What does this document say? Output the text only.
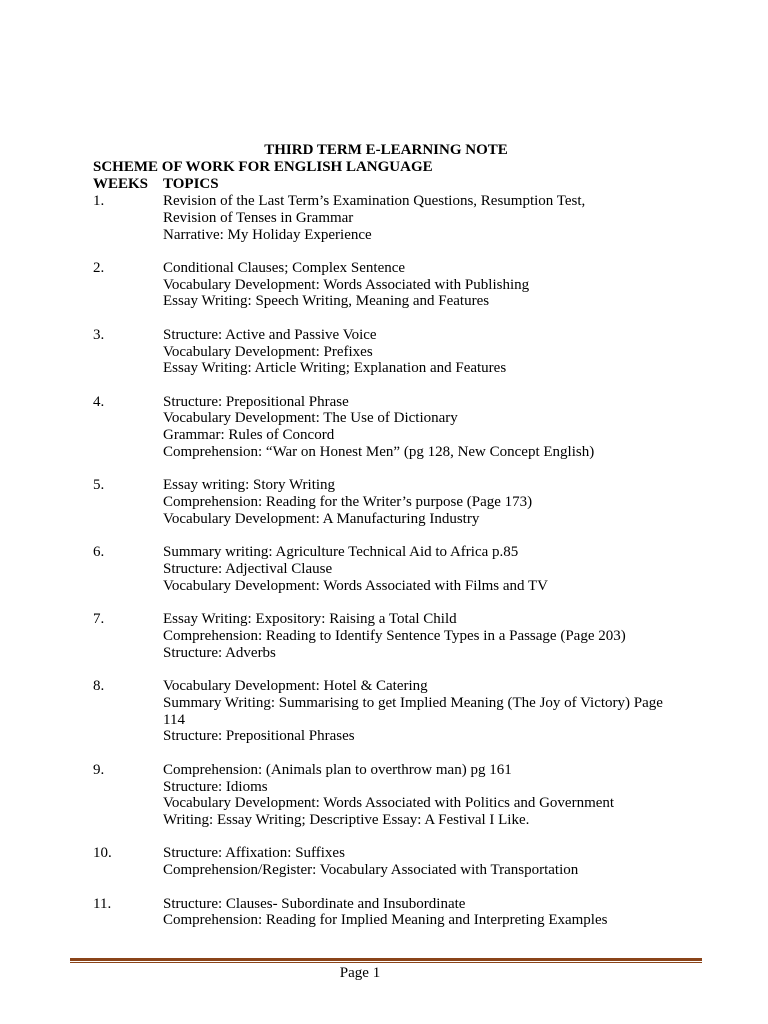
THIRD TERM E-LEARNING NOTE
SCHEME OF WORK FOR ENGLISH LANGUAGE
WEEKS TOPICS
1.	Revision of the Last Term’s Examination Questions, Resumption Test,
Revision of Tenses in Grammar
Narrative: My Holiday Experience
2.	Conditional Clauses; Complex Sentence
Vocabulary Development: Words Associated with Publishing
Essay Writing: Speech Writing, Meaning and Features
3.	Structure: Active and Passive Voice
Vocabulary Development: Prefixes
Essay Writing: Article Writing; Explanation and Features
4.	Structure: Prepositional Phrase
Vocabulary Development: The Use of Dictionary
Grammar: Rules of Concord
Comprehension: “War on Honest Men” (pg 128, New Concept English)
5.	Essay writing: Story Writing
Comprehension: Reading for the Writer’s purpose (Page 173)
Vocabulary Development: A Manufacturing Industry
6.	Summary writing: Agriculture Technical Aid to Africa p.85
Structure: Adjectival Clause
Vocabulary Development: Words Associated with Films and TV
7.	Essay Writing: Expository: Raising a Total Child
Comprehension: Reading to Identify Sentence Types in a Passage (Page 203)
Structure: Adverbs
8.	Vocabulary Development: Hotel & Catering
Summary Writing: Summarising to get Implied Meaning (The Joy of Victory) Page 114
Structure: Prepositional Phrases
9.	Comprehension: (Animals plan to overthrow man) pg 161
Structure: Idioms
Vocabulary Development: Words Associated with Politics and Government
Writing: Essay Writing; Descriptive Essay: A Festival I Like.
10.	Structure: Affixation: Suffixes
Comprehension/Register: Vocabulary Associated with Transportation
11.	Structure: Clauses- Subordinate and Insubordinate
Comprehension: Reading for Implied Meaning and Interpreting Examples
Page 1
